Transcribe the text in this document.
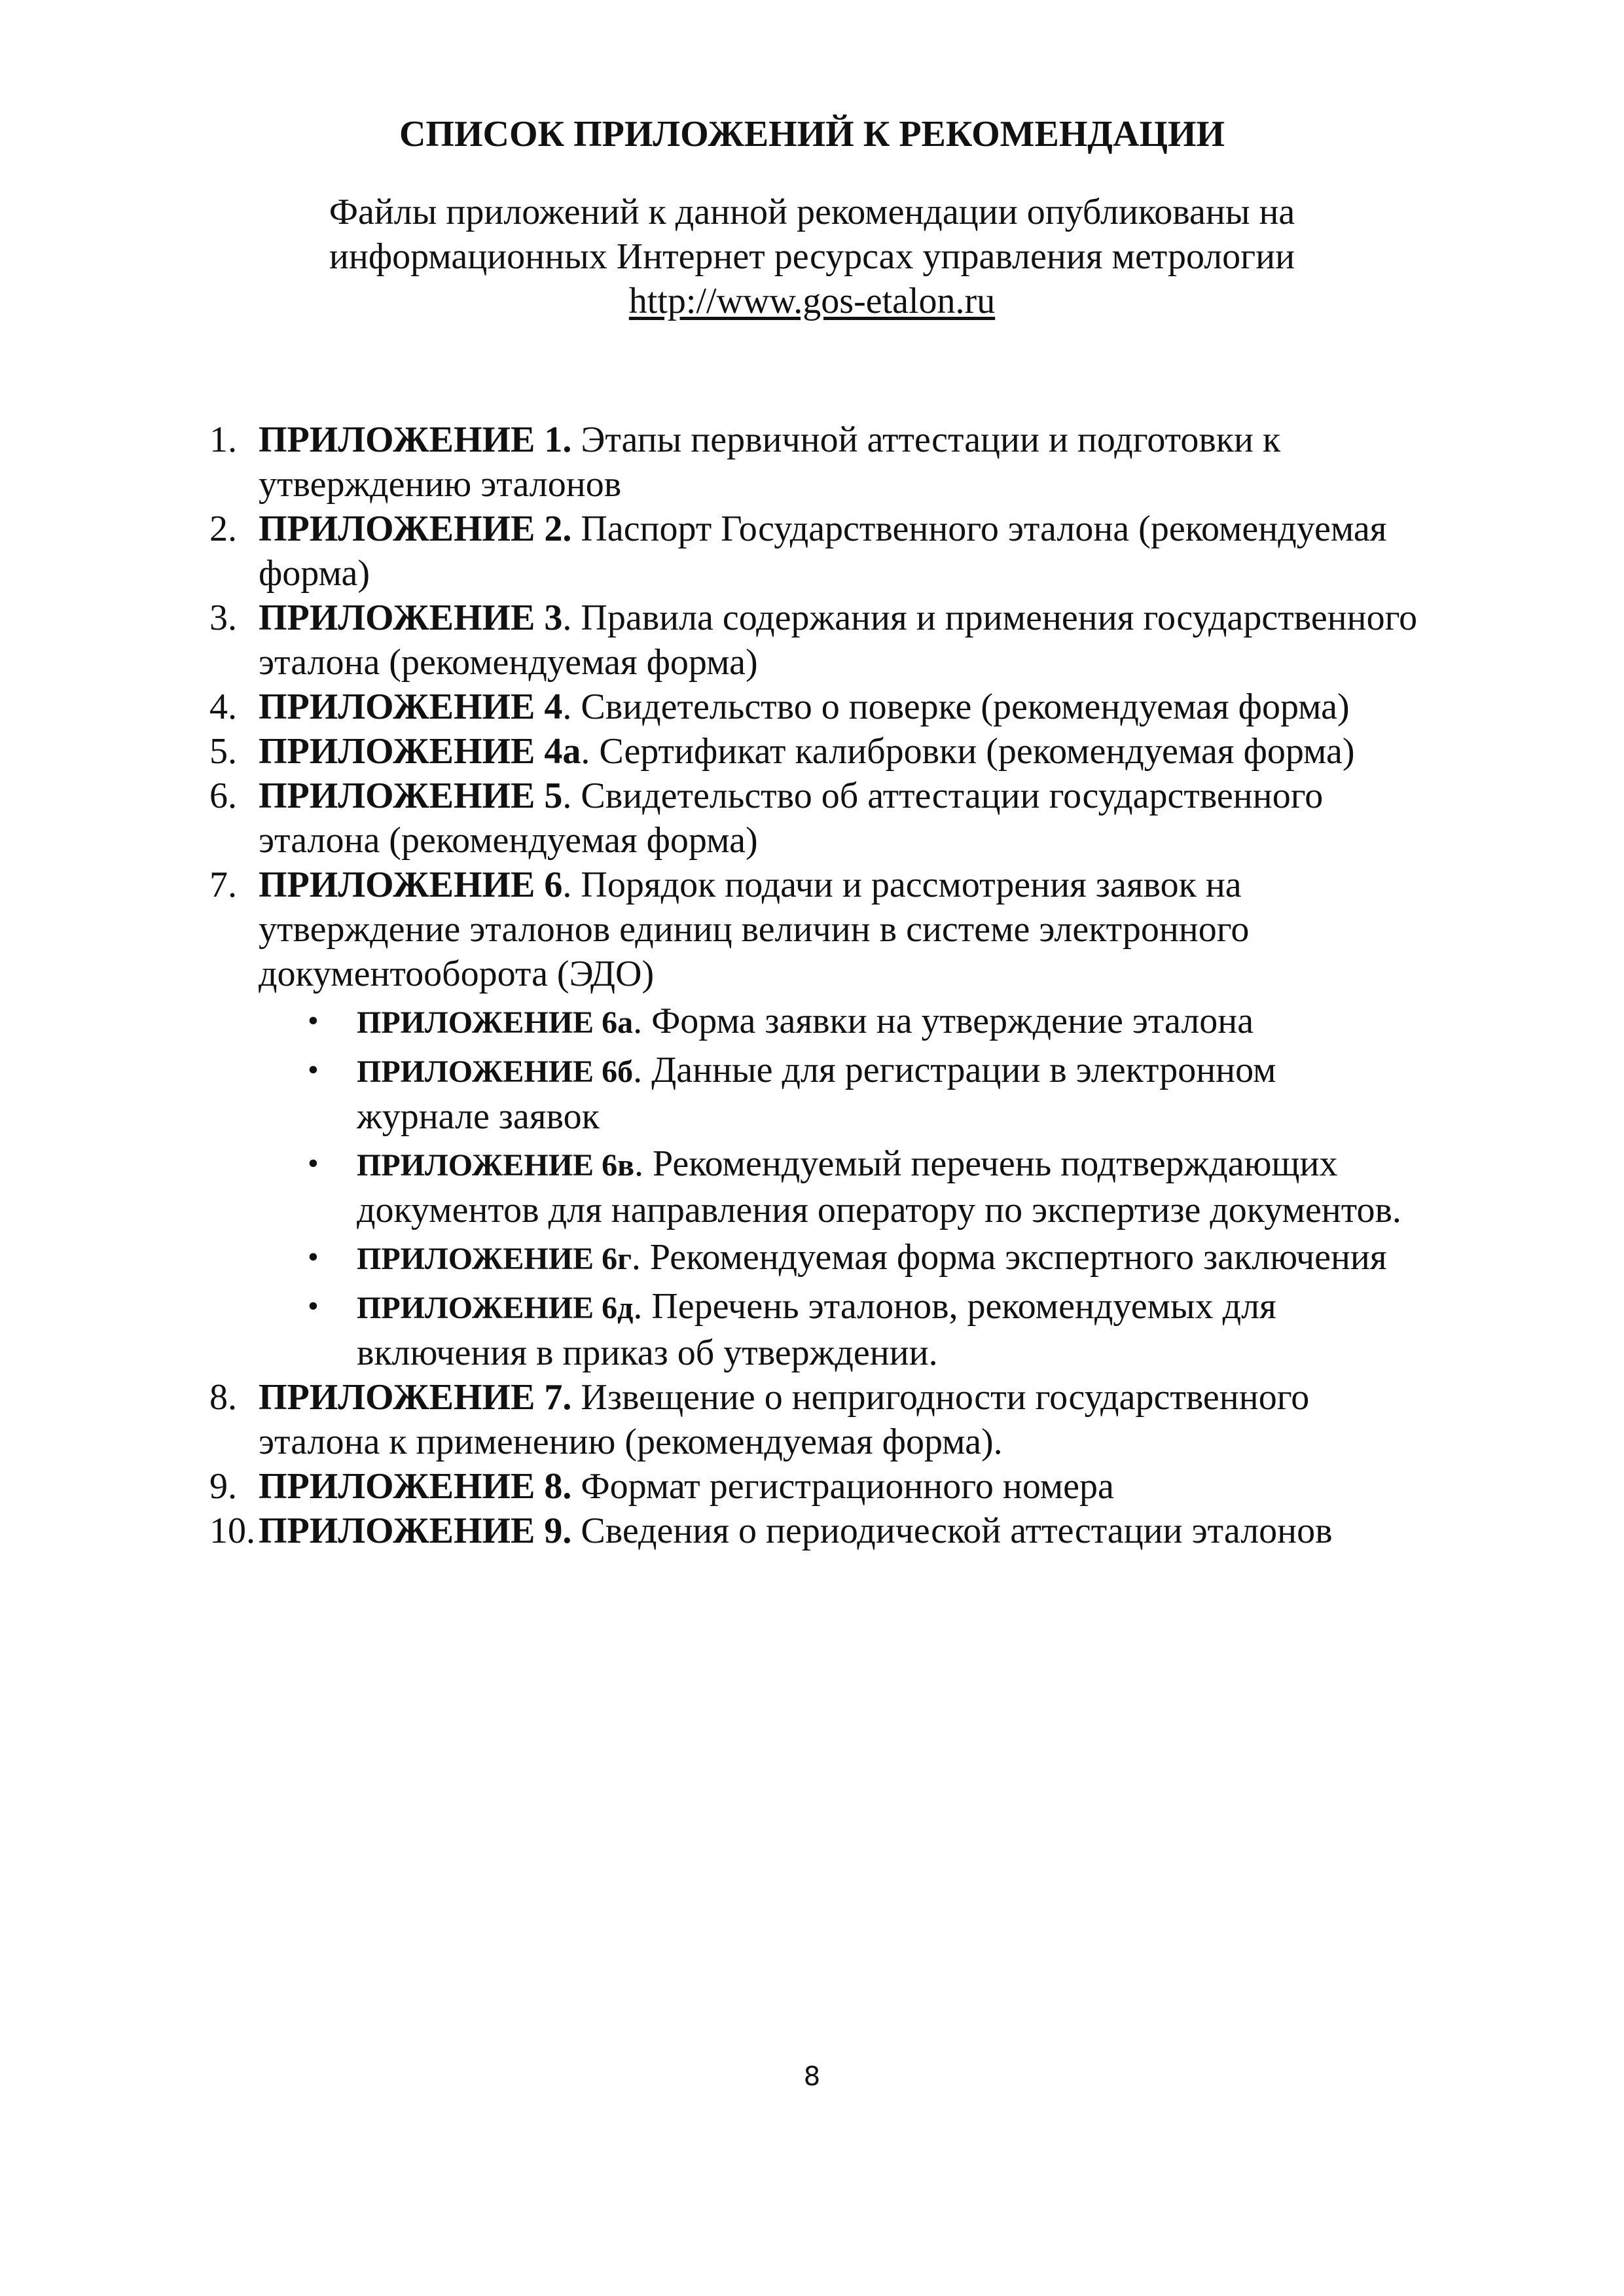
СПИСОК ПРИЛОЖЕНИЙ К РЕКОМЕНДАЦИИ
Файлы приложений к данной рекомендации опубликованы на
информационных Интернет ресурсах управления метрологии
http://www.gos-etalon.ru
1. ПРИЛОЖЕНИЕ 1. Этапы первичной аттестации и подготовки к утверждению эталонов
2. ПРИЛОЖЕНИЕ 2. Паспорт Государственного эталона (рекомендуемая форма)
3. ПРИЛОЖЕНИЕ 3. Правила содержания и применения государственного эталона (рекомендуемая форма)
4. ПРИЛОЖЕНИЕ 4. Свидетельство о поверке (рекомендуемая форма)
5. ПРИЛОЖЕНИЕ 4а. Сертификат калибровки (рекомендуемая форма)
6. ПРИЛОЖЕНИЕ 5. Свидетельство об аттестации государственного эталона (рекомендуемая форма)
7. ПРИЛОЖЕНИЕ 6. Порядок подачи и рассмотрения заявок на утверждение эталонов единиц величин в системе электронного документооборота (ЭДО)
• ПРИЛОЖЕНИЕ 6а. Форма заявки на утверждение эталона
• ПРИЛОЖЕНИЕ 6б. Данные для регистрации в электронном журнале заявок
• ПРИЛОЖЕНИЕ 6в. Рекомендуемый перечень подтверждающих документов для направления оператору по экспертизе документов.
• ПРИЛОЖЕНИЕ 6г. Рекомендуемая форма экспертного заключения
• ПРИЛОЖЕНИЕ 6д. Перечень эталонов, рекомендуемых для включения в приказ об утверждении.
8. ПРИЛОЖЕНИЕ 7. Извещение о непригодности государственного эталона к применению (рекомендуемая форма).
9. ПРИЛОЖЕНИЕ 8. Формат регистрационного номера
10. ПРИЛОЖЕНИЕ 9. Сведения о периодической аттестации эталонов
8
